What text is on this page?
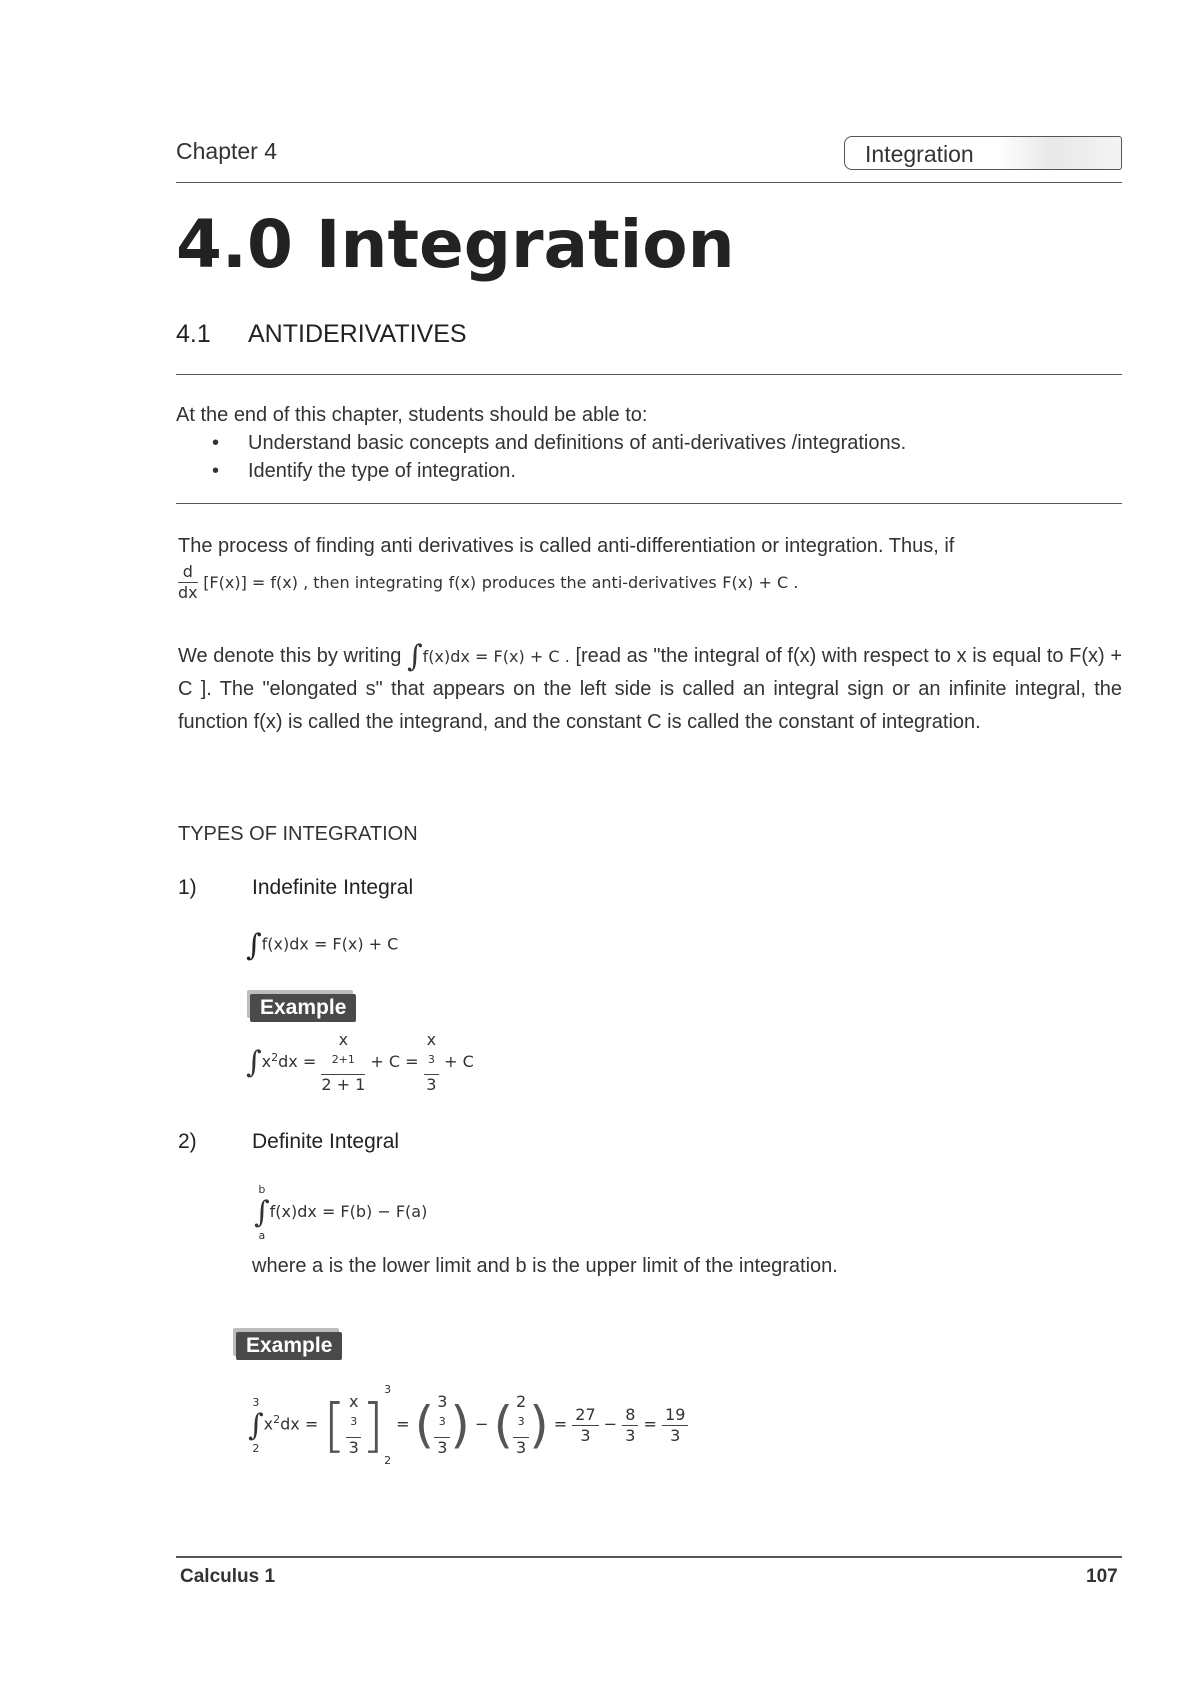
Chapter 4	Integration
4.0 Integration
4.1 ANTIDERIVATIVES
At the end of this chapter, students should be able to:
• Understand basic concepts and definitions of anti-derivatives /integrations.
• Identify the type of integration.
The process of finding anti derivatives is called anti-differentiation or integration. Thus, if
$\frac{d}{dx} [F(x)] = f(x)$ , then integrating f(x) produces the anti-derivatives F(x) + C .
We denote this by writing ∫f(x)dx = F(x) + C . [read as "the integral of f(x) with respect to x is equal to F(x) + C ]. The "elongated s" that appears on the left side is called an integral sign or an infinite integral, the function f(x) is called the integrand, and the constant C is called the constant of integration.
TYPES OF INTEGRATION
1)	Indefinite Integral
∫f(x)dx = F(x) + C
Example
$\int x^2dx = x$
$^{2+1}$
2 + 1 + C = x
$^3$
3 + C
2)	Definite Integral
b
∫
a
f(x)dx = F(b) − F(a)
where a is the lower limit and b is the upper limit of the integration.
Example
3
∫
2
$x^2dx$ = [ x
$^3$
3 ]
3

2
= ( 3
$^3$
3 ) − ( 2
$^3$
3 ) = $\frac{27}{3} - \frac{8}{3} = \frac{19}{3}$
Calculus 1	107
